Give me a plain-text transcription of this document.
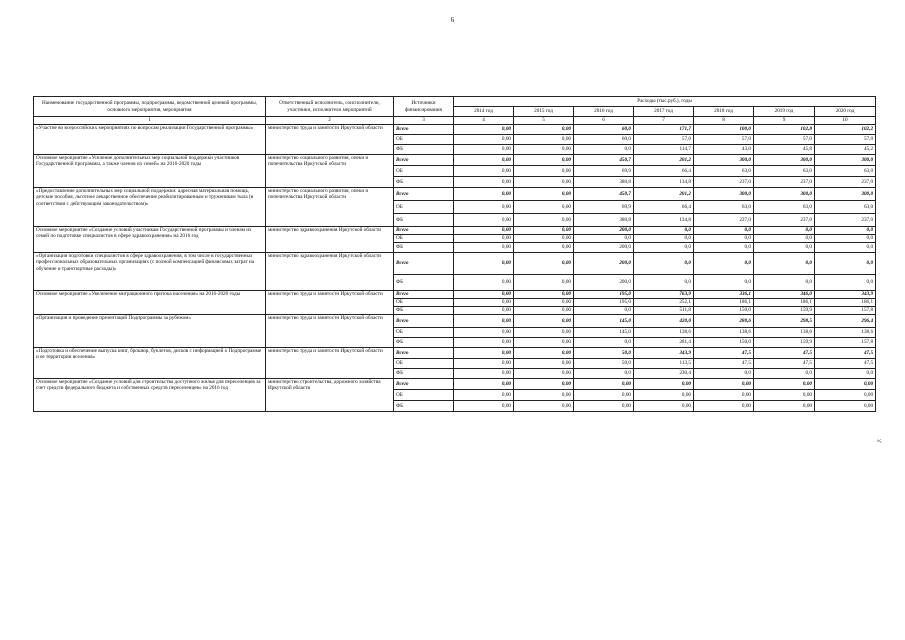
6
Наименование государственной программы, подпрограммы, ведомственной целевой программы, основного мероприятия, мероприятия	Ответственный исполнитель, соисполнители, участники, исполнители мероприятий	Источники финансирования	Расходы (тыс.руб.), годы						
			2014 год	2015 год	2016 год	2017 год	2018 год	2019 год	2020 год
1	2	3	4	5	6	7	8	9	10
«Участие во всероссийских мероприятиях по вопросам реализации Государственной программы»	министерство труда и занятости Иркутской области	Всего	0,00	0,00	60,0	171,7	100,0	102,8	102,2
		ОБ	0,00	0,00	60,0	57,0	57,0	57,0	57,0
		ФБ	0,00	0,00	0,0	114,7	43,0	45,8	45,2
Основное мероприятие «Усиление дополнительных мер социальной поддержки участников Государственной программы, а также членов их семей» на 2016-2020 годы	министерство социального развития, опеки и попечительства Иркутской области	Всего	0,00	0,00	450,7	201,2	300,0	300,0	300,0
		ОБ	0,00	0,00	69,9	66,4	63,0	63,0	63,0
		ФБ	0,00	0,00	380,8	134,8	237,0	237,0	237,0
«Предоставление дополнительных мер социальной поддержки: адресная материальная помощь, детские пособия, льготное лекарственное обеспечение реабилитированным и труженикам тыла (в соответствии с действующим законодательством)»	министерство социального развития, опеки и попечительства Иркутской области	Всего	0,00	0,00	450,7	201,2	300,0	300,0	300,0
		ОБ	0,00	0,00	69,9	66,4	63,0	63,0	63,0
		ФБ	0,00	0,00	380,8	134,8	237,0	237,0	237,0
Основное мероприятие «Создание условий участникам Государственной программы и членам их семей по подготовке специалистов в сфере здравоохранения» на 2016 год	министерство здравоохранения Иркутской области	Всего	0,00	0,00	200,0	0,0	0,0	0,0	0,0
		ОБ	0,00	0,00	0,0	0,0	0,0	0,0	0,0
		ФБ	0,00	0,00	200,0	0,0	0,0	0,0	0,0
«Организация подготовки специалистов в сфере здравоохранения, в том числе в государственных профессиональных образовательных организациях (с полной компенсацией финансовых затрат на обучение и транспортные расходы)»	министерство здравоохранения Иркутской области	Всего	0,00	0,00	200,0	0,0	0,0	0,0	0,0
		ФБ	0,00	0,00	200,0	0,0	0,0	0,0	0,0
Основное мероприятие «Увеличение миграционного притока населения» на 2016-2020 годы	министерство труда и занятости Иркутской области	Всего	0,00	0,00	195,0	763,9	336,1	346,0	343,9
		ОБ	0,00	0,00	195,0	252,1	186,1	186,1	186,1
		ФБ	0,00	0,00	0,0	511,8	150,0	159,9	157,8
«Организация и проведение презентаций Подпрограммы за рубежом»	министерство труда и занятости Иркутской области	Всего	0,00	0,00	145,0	420,0	288,6	298,5	296,4
		ОБ	0,00	0,00	145,0	138,6	138,6	138,6	138,6
		ФБ	0,00	0,00	0,0	281,4	150,0	159,9	157,8
«Подготовка и обеспечение выпуска книг, брошюр, буклетов, дисков с информацией о Подпрограмме и ее территории вселения»	министерство труда и занятости Иркутской области	Всего	0,00	0,00	50,0	343,9	47,5	47,5	47,5
		ОБ	0,00	0,00	50,0	113,5	47,5	47,5	47,5
		ФБ	0,00	0,00	0,0	230,4	0,0	0,0	0,0
Основное мероприятие «Создание условий для строительства доступного жилья для переселенцев за счет средств федерального бюджета и собственных средств переселенцев» на 2016 год	министерство строительства, дорожного хозяйства Иркутской области	Всего	0,00	0,00	0,00	0,00	0,00	0,00	0,00
		ОБ	0,00	0,00	0,00	0,00	0,00	0,00	0,00
		ФБ	0,00	0,00	0,00	0,00	0,00	0,00	0,00
»;
